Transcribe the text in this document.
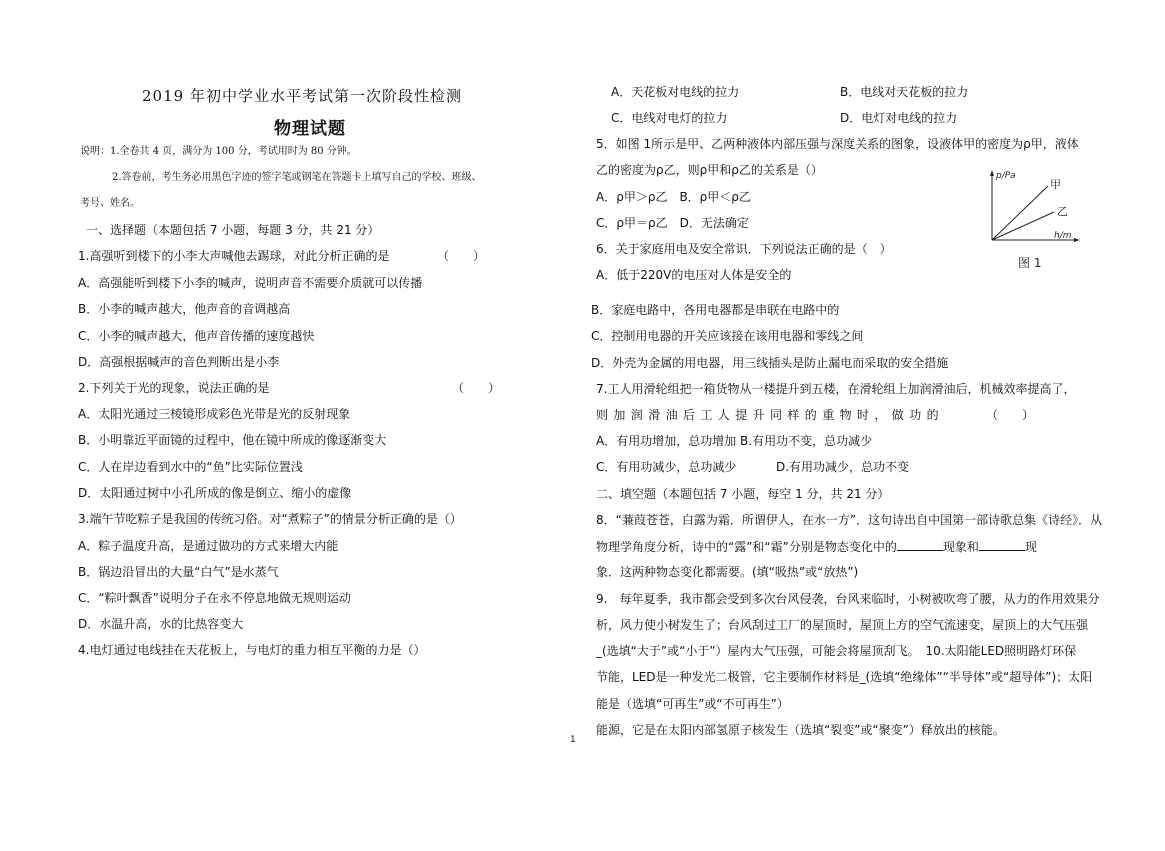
2019 年初中学业水平考试第一次阶段性检测
物理试题
说明：1.全卷共 4 页，满分为 100 分，考试用时为 80 分钟。
2.答卷前，考生务必用黑色字迹的签字笔或钢笔在答题卡上填写自己的学校、班级、
考号、姓名。
一、选择题（本题包括 7 小题，每题 3 分，共 21 分）
1.高强听到楼下的小李大声喊他去踢球，对此分析正确的是	（　　）
A．高强能听到楼下小李的喊声，说明声音不需要介质就可以传播
B．小李的喊声越大，他声音的音调越高
C．小李的喊声越大，他声音传播的速度越快
D．高强根据喊声的音色判断出是小李
2.下列关于光的现象，说法正确的是	（　　）
A．太阳光通过三棱镜形成彩色光带是光的反射现象
B．小明靠近平面镜的过程中，他在镜中所成的像逐渐变大
C．人在岸边看到水中的“鱼”比实际位置浅
D．太阳通过树中小孔所成的像是倒立、缩小的虚像
3.端午节吃粽子是我国的传统习俗。对“煮粽子”的情景分析正确的是（）
A．粽子温度升高，是通过做功的方式来增大内能
B．锅边沿冒出的大量“白气”是水蒸气
C．“粽叶飘香”说明分子在永不停息地做无规则运动
D．水温升高，水的比热容变大
4.电灯通过电线挂在天花板上，与电灯的重力相互平衡的力是（）
1
A．天花板对电线的拉力	B．电线对天花板的拉力
C．电线对电灯的拉力	D．电灯对电线的拉力
5．如图 1所示是甲、乙两种液体内部压强与深度关系的图象，设液体甲的密度为ρ甲，液体
乙的密度为ρ乙，则ρ甲和ρ乙的关系是（）
A．ρ甲＞ρ乙　B．ρ甲＜ρ乙
C．ρ甲＝ρ乙　D．无法确定
p/Pa
h/m
甲
乙
图 1
6．关于家庭用电及安全常识．下列说法正确的是（　）
A．低于220V的电压对人体是安全的
B．家庭电路中，各用电器都是串联在电路中的
C．控制用电器的开关应该接在该用电器和零线之间
D．外壳为金属的用电器，用三线插头是防止漏电而采取的安全措施
7.工人用滑轮组把一箱货物从一楼提升到五楼，在滑轮组上加润滑油后，机械效率提高了，
则加润滑油后工人提升同样的重物时，做功的	（　　）
A．有用功增加，总功增加 B.有用功不变，总功减少
C．有用功减少，总功减少	D.有用功减少，总功不变
二、填空题（本题包括 7 小题，每空 1 分，共 21 分）
8．“蒹葭苍苍，白露为霜．所谓伊人，在水一方”．这句诗出自中国第一部诗歌总集《诗经》．从
物理学角度分析，诗中的“露”和“霜”分别是物态变化中的	现象和	现
象．这两种物态变化都需要。(填“吸热”或“放热”)
9.　每年夏季，我市都会受到多次台风侵袭，台风来临时，小树被吹弯了腰，从力的作用效果分
析，风力使小树发生了；台风刮过工厂的屋顶时，屋顶上方的空气流速变，屋顶上的大气压强
_(选填“大于”或“小于”）屋内大气压强，可能会将屋顶刮飞。　10.太阳能LED照明路灯环保
节能，LED是一种发光二极管，它主要制作材料是_(选填“绝缘体”“半导体”或“超导体”)；太阳
能是（选填“可再生”或“不可再生”）
能源，它是在太阳内部氢原子核发生（选填“裂变”或“聚变”）释放出的核能。
